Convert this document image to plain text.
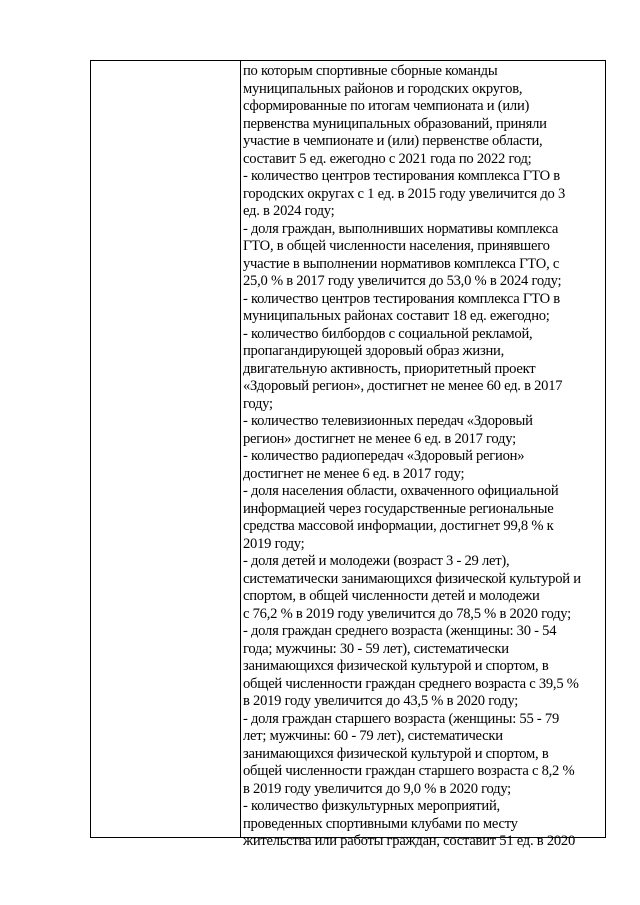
по которым спортивные сборные команды
муниципальных районов и городских округов,
сформированные по итогам чемпионата и (или)
первенства муниципальных образований, приняли
участие в чемпионате и (или) первенстве области,
составит 5 ед. ежегодно с 2021 года по 2022 год;
- количество центров тестирования комплекса ГТО в
городских округах с 1 ед. в 2015 году увеличится до 3
ед. в 2024 году;
- доля граждан, выполнивших нормативы комплекса
ГТО, в общей численности населения, принявшего
участие в выполнении нормативов комплекса ГТО, с
25,0 % в 2017 году увеличится до 53,0 % в 2024 году;
- количество центров тестирования комплекса ГТО в
муниципальных районах составит 18 ед. ежегодно;
- количество билбордов с социальной рекламой,
пропагандирующей здоровый образ жизни,
двигательную активность, приоритетный проект
«Здоровый регион», достигнет не менее 60 ед. в 2017
году;
- количество телевизионных передач «Здоровый
регион» достигнет не менее 6 ед. в 2017 году;
- количество радиопередач «Здоровый регион»
достигнет не менее 6 ед. в 2017 году;
- доля населения области, охваченного официальной
информацией через государственные региональные
средства массовой информации, достигнет 99,8 % к
2019 году;
- доля детей и молодежи (возраст 3 - 29 лет),
систематически занимающихся физической культурой и
спортом, в общей численности детей и молодежи
с 76,2 % в 2019 году увеличится до 78,5 % в 2020 году;
- доля граждан среднего возраста (женщины: 30 - 54
года; мужчины: 30 - 59 лет), систематически
занимающихся физической культурой и спортом, в
общей численности граждан среднего возраста с 39,5 %
в 2019 году увеличится до 43,5 % в 2020 году;
- доля граждан старшего возраста (женщины: 55 - 79
лет; мужчины: 60 - 79 лет), систематически
занимающихся физической культурой и спортом, в
общей численности граждан старшего возраста с 8,2 %
в 2019 году увеличится до 9,0 % в 2020 году;
- количество физкультурных мероприятий,
проведенных спортивными клубами по месту
жительства или работы граждан, составит 51 ед. в 2020
